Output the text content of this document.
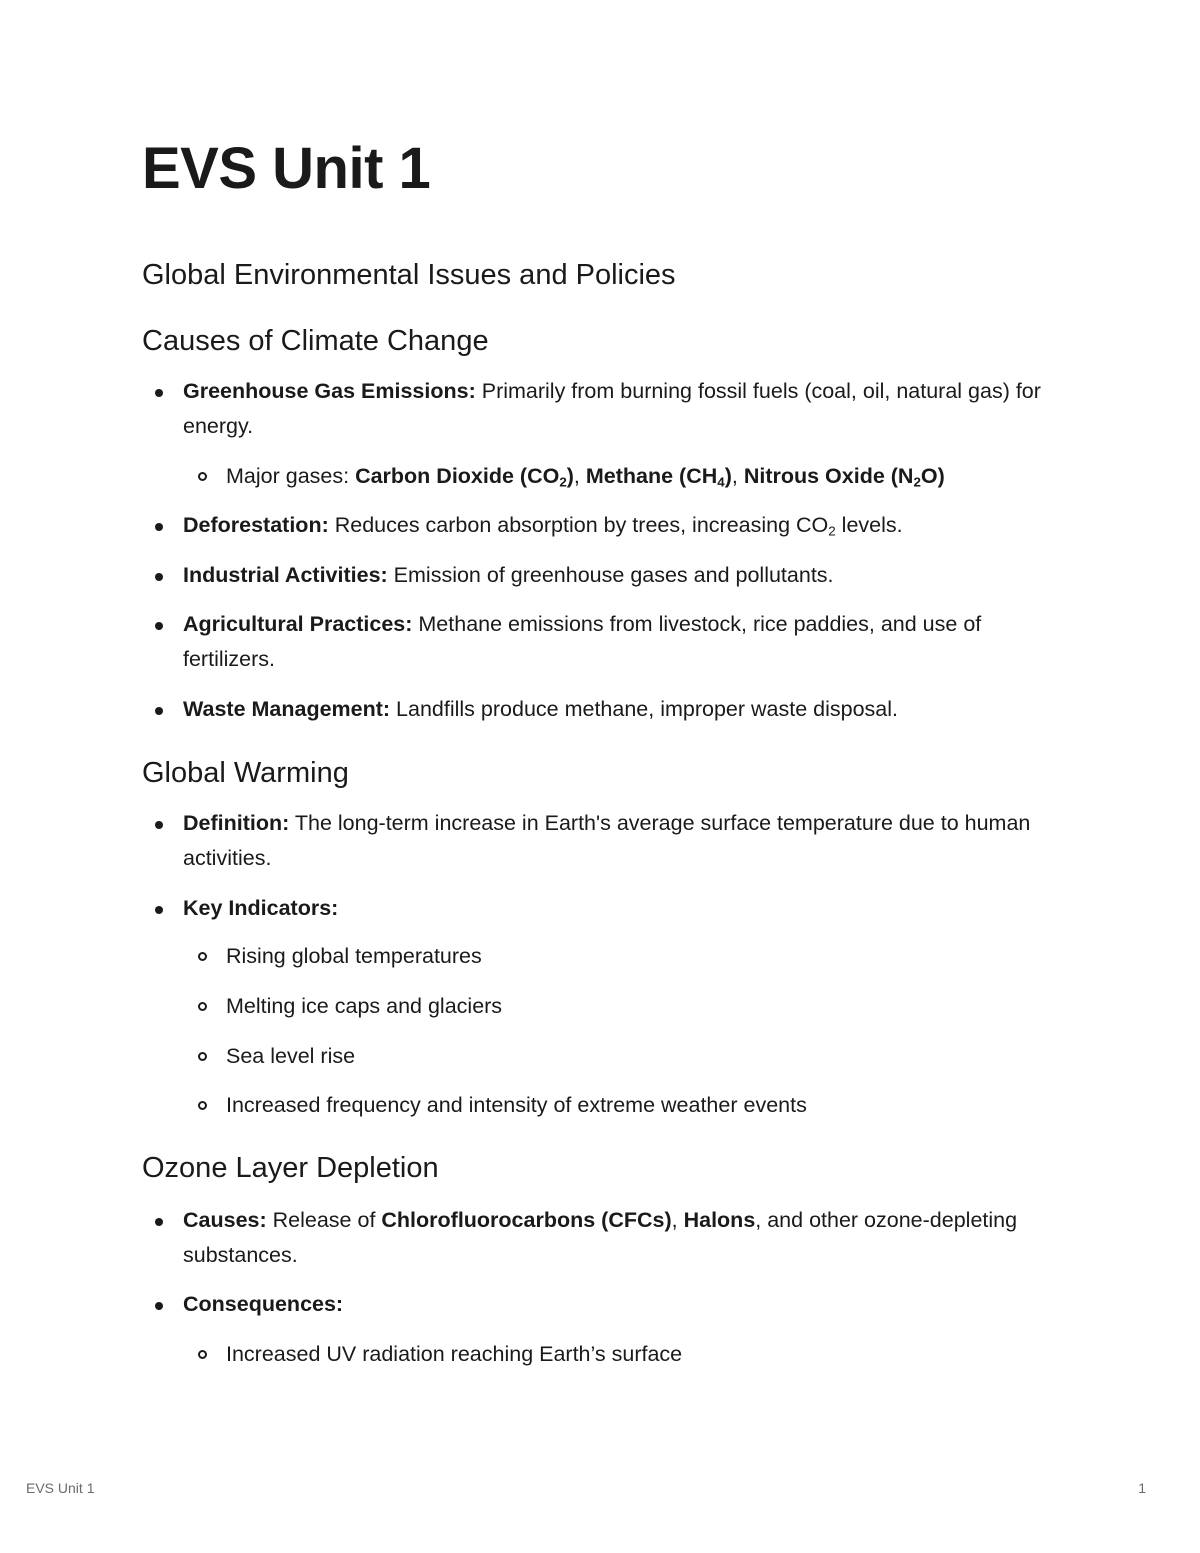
EVS Unit 1
Global Environmental Issues and Policies
Causes of Climate Change
Greenhouse Gas Emissions: Primarily from burning fossil fuels (coal, oil, natural gas) for energy.
Major gases: Carbon Dioxide $(CO_2)$, Methane $(CH_4)$, Nitrous Oxide $(N_2O)$
Deforestation: Reduces carbon absorption by trees, increasing $CO_2$ levels.
Industrial Activities: Emission of greenhouse gases and pollutants.
Agricultural Practices: Methane emissions from livestock, rice paddies, and use of fertilizers.
Waste Management: Landfills produce methane, improper waste disposal.
Global Warming
Definition: The long-term increase in Earth's average surface temperature due to human activities.
Key Indicators:
Rising global temperatures
Melting ice caps and glaciers
Sea level rise
Increased frequency and intensity of extreme weather events
Ozone Layer Depletion
Causes: Release of Chlorofluorocarbons (CFCs), Halons, and other ozone-depleting substances.
Consequences:
Increased UV radiation reaching Earth’s surface
EVS Unit 1	1
